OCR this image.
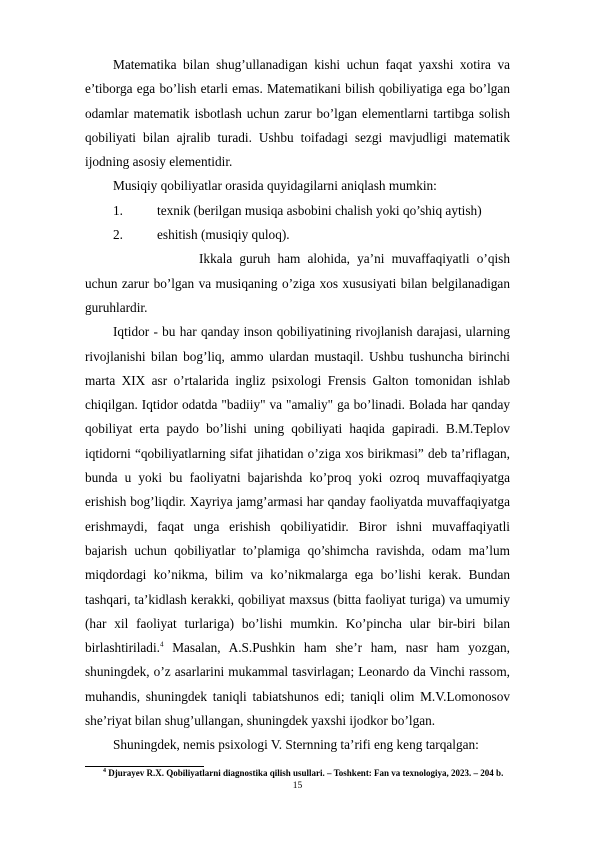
Matematika bilan shug’ullanadigan kishi uchun faqat yaxshi xotira va e’tiborga ega bo’lish etarli emas. Matematikani bilish qobiliyatiga ega bo’lgan odamlar matematik isbotlash uchun zarur bo’lgan elementlarni tartibga solish qobiliyati bilan ajralib turadi. Ushbu toifadagi sezgi mavjudligi matematik ijodning asosiy elementidir.

Musiqiy qobiliyatlar orasida quyidagilarni aniqlash mumkin:

1.	texnik (berilgan musiqa asbobini chalish yoki qo’shiq aytish)
2.	eshitish (musiqiy quloq).

Ikkala guruh ham alohida, ya’ni muvaffaqiyatli o’qish uchun zarur bo’lgan va musiqaning o’ziga xos xususiyati bilan belgilanadigan guruhlardir.

Iqtidor - bu har qanday inson qobiliyatining rivojlanish darajasi, ularning rivojlanishi bilan bog’liq, ammo ulardan mustaqil. Ushbu tushuncha birinchi marta XIX asr o’rtalarida ingliz psixologi Frensis Galton tomonidan ishlab chiqilgan. Iqtidor odatda "badiiy" va "amaliy" ga bo’linadi. Bolada har qanday qobiliyat erta paydo bo’lishi uning qobiliyati haqida gapiradi. B.M.Teplov iqtidorni “qobiliyatlarning sifat jihatidan o’ziga xos birikmasi” deb ta’riflagan, bunda u yoki bu faoliyatni bajarishda ko’proq yoki ozroq muvaffaqiyatga erishish bog’liqdir. Xayriya jamg’armasi har qanday faoliyatda muvaffaqiyatga erishmaydi, faqat unga erishish qobiliyatidir. Biror ishni muvaffaqiyatli bajarish uchun qobiliyatlar to’plamiga qo’shimcha ravishda, odam ma’lum miqdordagi ko’nikma, bilim va ko’nikmalarga ega bo’lishi kerak. Bundan tashqari, ta’kidlash kerakki, qobiliyat maxsus (bitta faoliyat turiga) va umumiy (har xil faoliyat turlariga) bo’lishi mumkin. Ko’pincha ular bir-biri bilan birlashtiriladi.$^4$ Masalan, A.S.Pushkin ham she’r ham, nasr ham yozgan, shuningdek, o’z asarlarini mukammal tasvirlagan; Leonardo da Vinchi rassom, muhandis, shuningdek taniqli tabiatshunos edi; taniqli olim M.V.Lomonosov she’riyat bilan shug’ullangan, shuningdek yaxshi ijodkor bo’lgan.

Shuningdek, nemis psixologi V. Sternning ta’rifi eng keng tarqalgan:

$^4$ Djurayev R.X. Qobiliyatlarni diagnostika qilish usullari. – Toshkent: Fan va texnologiya, 2023. – 204 b.
15
